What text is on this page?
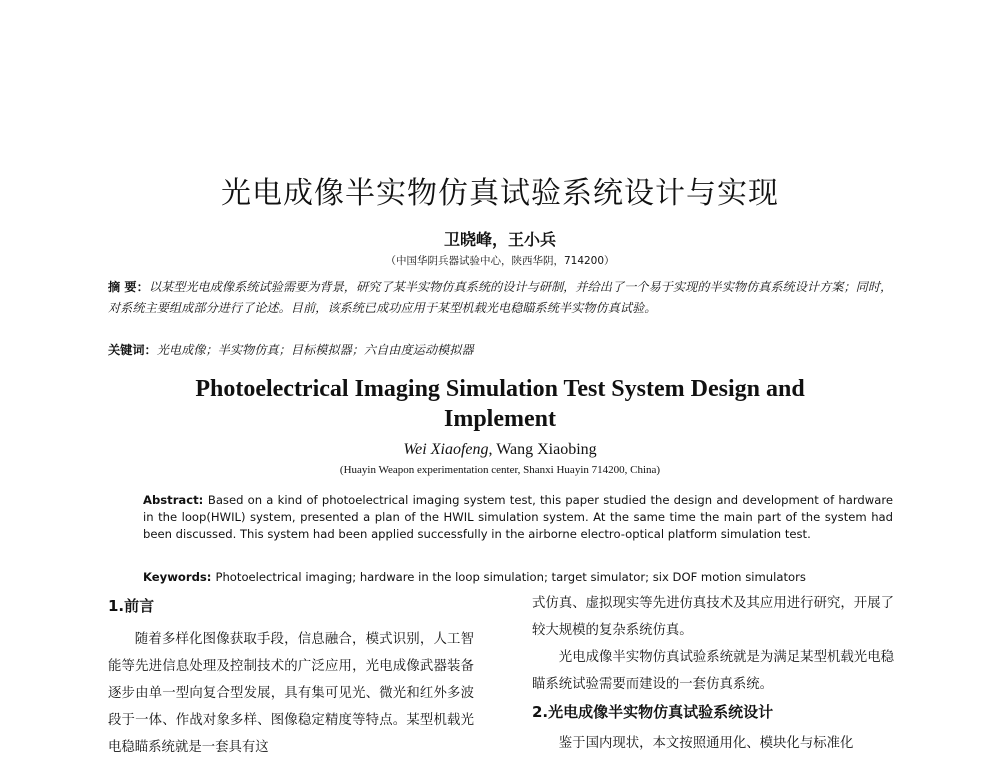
光电成像半实物仿真试验系统设计与实现
卫晓峰，王小兵
（中国华阴兵器试验中心，陕西华阴，714200）
摘 要：以某型光电成像系统试验需要为背景，研究了某半实物仿真系统的设计与研制，并给出了一个易于实现的半实物仿真系统设计方案；同时，对系统主要组成部分进行了论述。目前，该系统已成功应用于某型机载光电稳瞄系统半实物仿真试验。
关键词：光电成像；半实物仿真；目标模拟器；六自由度运动模拟器
Photoelectrical Imaging Simulation Test System Design and Implement
Wei Xiaofeng, Wang Xiaobing
(Huayin Weapon experimentation center, Shanxi Huayin 714200, China)
Abstract: Based on a kind of photoelectrical imaging system test, this paper studied the design and development of hardware in the loop(HWIL) system, presented a plan of the HWIL simulation system. At the same time the main part of the system had been discussed. This system had been applied successfully in the airborne electro-optical platform simulation test.
Keywords: Photoelectrical imaging; hardware in the loop simulation; target simulator; six DOF motion simulators
1.前言

随着多样化图像获取手段，信息融合，模式识别，人工智能等先进信息处理及控制技术的广泛应用，光电成像武器装备逐步由单一型向复合型发展，具有集可见光、微光和红外多波段于一体、作战对象多样、图像稳定精度等特点。某型机载光电稳瞄系统就是一套具有这

式仿真、虚拟现实等先进仿真技术及其应用进行研究，开展了较大规模的复杂系统仿真。

光电成像半实物仿真试验系统就是为满足某型机载光电稳瞄系统试验需要而建设的一套仿真系统。

2.光电成像半实物仿真试验系统设计

鉴于国内现状，本文按照通用化、模块化与标准化
